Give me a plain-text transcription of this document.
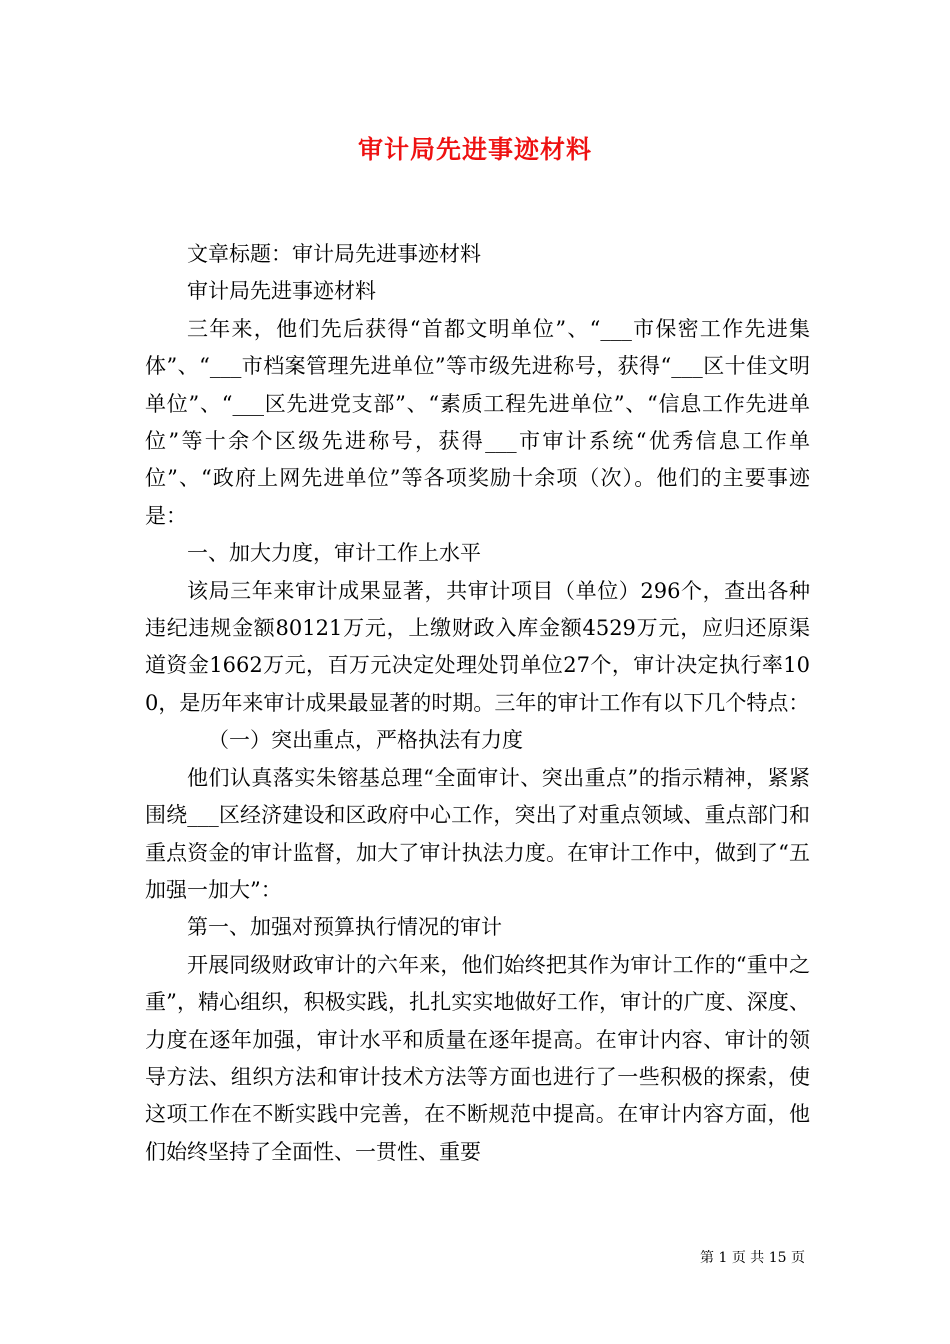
审计局先进事迹材料

文章标题：审计局先进事迹材料

审计局先进事迹材料

三年来，他们先后获得“首都文明单位”、“___市保密工作先进集体”、“___市档案管理先进单位”等市级先进称号，获得“___区十佳文明单位”、“___区先进党支部”、“素质工程先进单位”、“信息工作先进单位”等十余个区级先进称号，获得___市审计系统“优秀信息工作单位”、“政府上网先进单位”等各项奖励十余项（次）。他们的主要事迹是：

一、加大力度，审计工作上水平

该局三年来审计成果显著，共审计项目（单位）296个，查出各种违纪违规金额80121万元，上缴财政入库金额4529万元，应归还原渠道资金1662万元，百万元决定处理处罚单位27个，审计决定执行率100，是历年来审计成果最显著的时期。三年的审计工作有以下几个特点：

（一）突出重点，严格执法有力度

他们认真落实朱镕基总理“全面审计、突出重点”的指示精神，紧紧围绕___区经济建设和区政府中心工作，突出了对重点领域、重点部门和重点资金的审计监督，加大了审计执法力度。在审计工作中，做到了“五加强一加大”：

第一、加强对预算执行情况的审计

开展同级财政审计的六年来，他们始终把其作为审计工作的“重中之重”，精心组织，积极实践，扎扎实实地做好工作，审计的广度、深度、力度在逐年加强，审计水平和质量在逐年提高。在审计内容、审计的领导方法、组织方法和审计技术方法等方面也进行了一些积极的探索，使这项工作在不断实践中完善，在不断规范中提高。在审计内容方面，他们始终坚持了全面性、一贯性、重要

第 1 页 共 15 页
